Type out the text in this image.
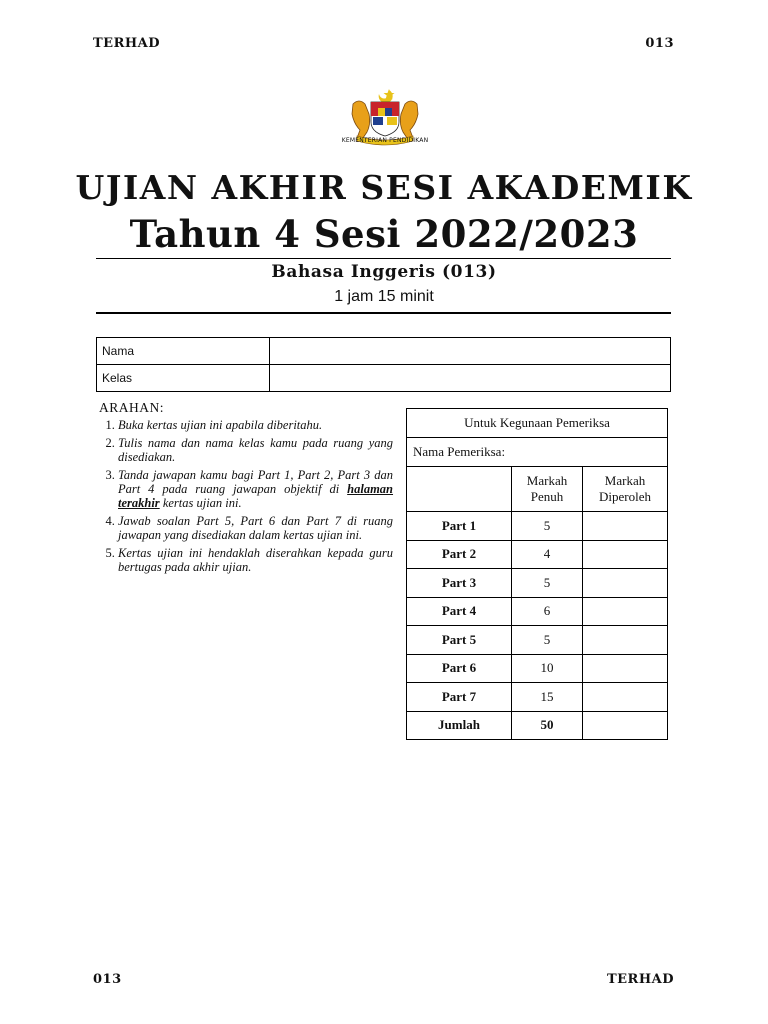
TERHAD	013
KEMENTERIAN PENDIDIKAN
UJIAN AKHIR SESI AKADEMIK
Tahun 4 Sesi 2022/2023
Bahasa Inggeris (013)
1 jam 15 minit
Nama	
Kelas	
ARAHAN:
1. Buka kertas ujian ini apabila diberitahu.
2. Tulis nama dan nama kelas kamu pada ruang yang disediakan.
3. Tanda jawapan kamu bagi Part 1, Part 2, Part 3 dan Part 4 pada ruang jawapan objektif di halaman terakhir kertas ujian ini.
4. Jawab soalan Part 5, Part 6 dan Part 7 di ruang jawapan yang disediakan dalam kertas ujian ini.
5. Kertas ujian ini hendaklah diserahkan kepada guru bertugas pada akhir ujian.
Untuk Kegunaan Pemeriksa		
Nama Pemeriksa:		
	Markah Penuh	Markah Diperoleh
Part 1	5	
Part 2	4	
Part 3	5	
Part 4	6	
Part 5	5	
Part 6	10	
Part 7	15	
Jumlah	50	
013	TERHAD
